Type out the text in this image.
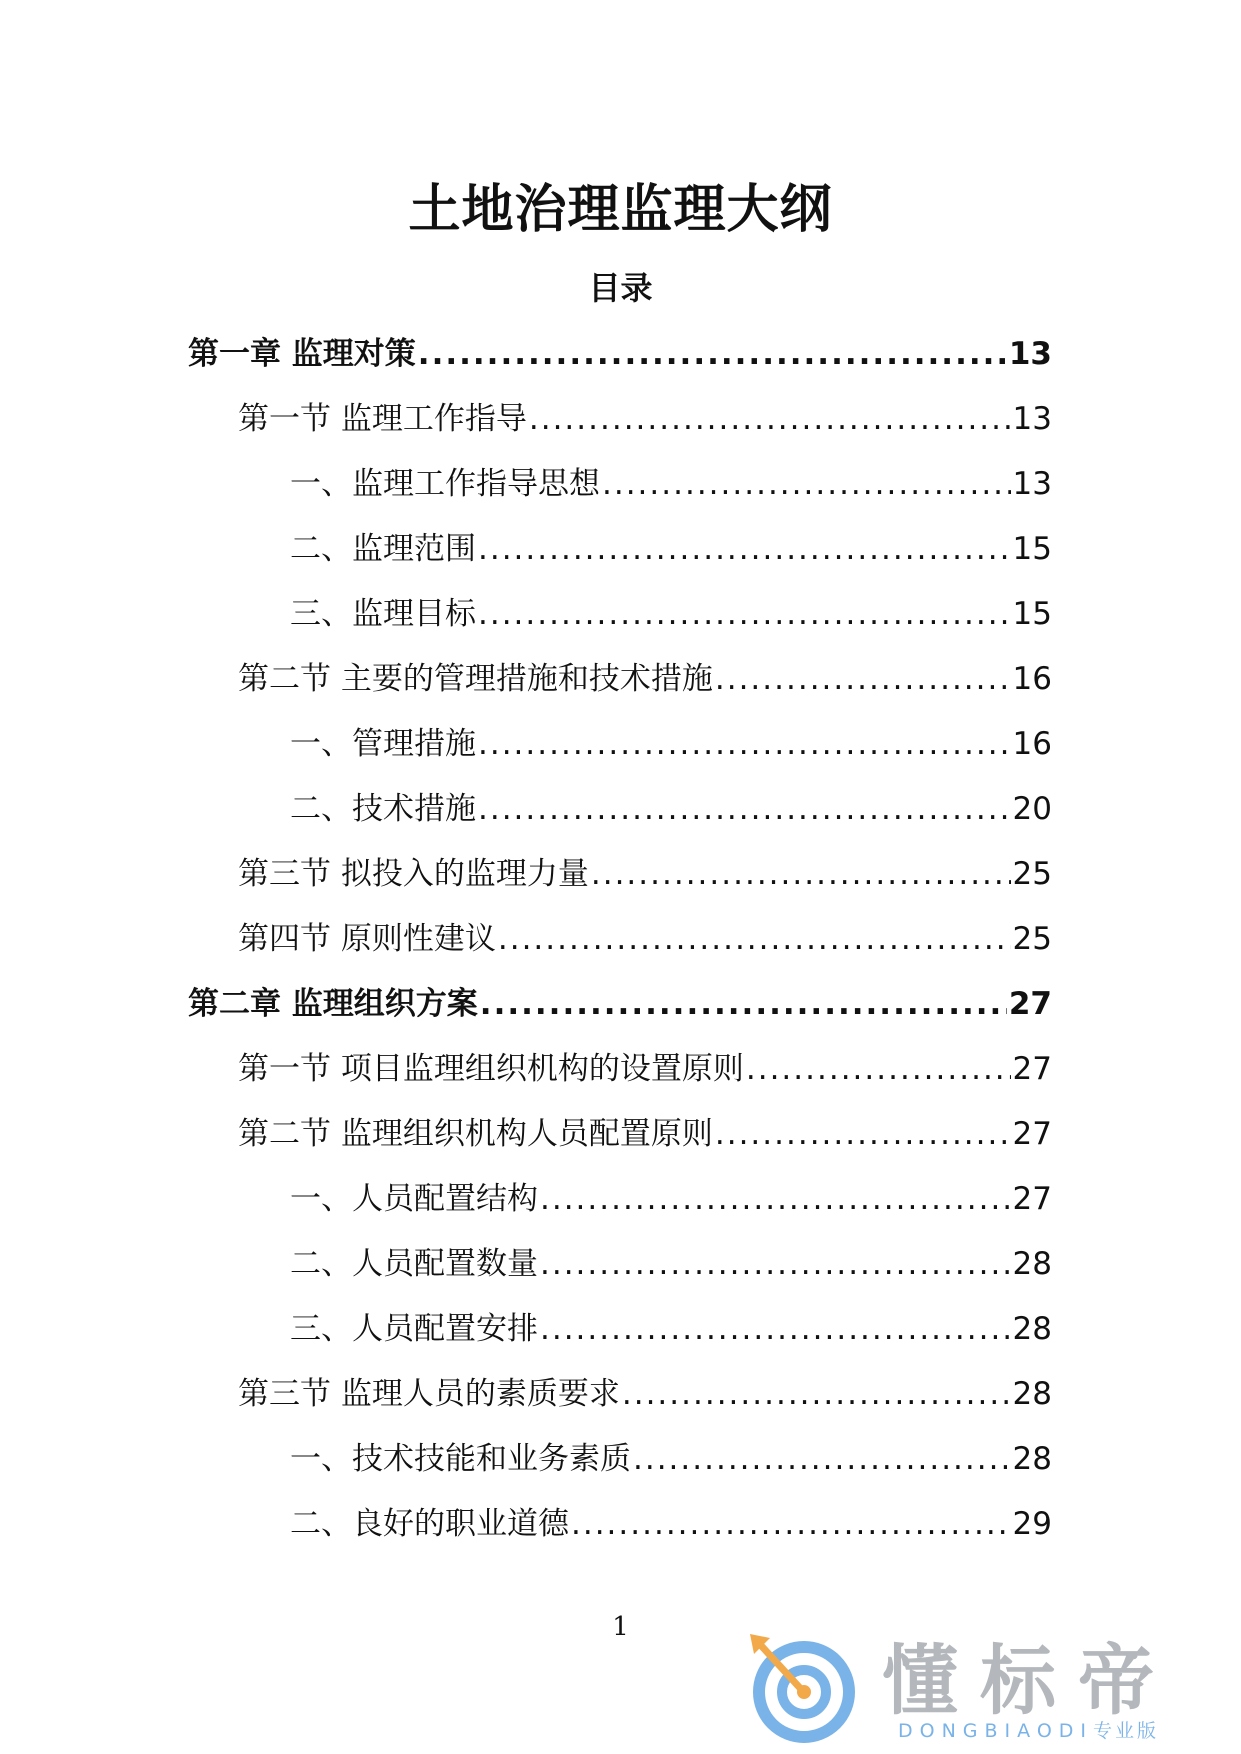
土地治理监理大纲
目录
第一章 监理对策 .....	13
第一节 监理工作指导 .....	13
一、监理工作指导思想 .....	13
二、监理范围 .....	15
三、监理目标 .....	15
第二节 主要的管理措施和技术措施 .....	16
一、管理措施 .....	16
二、技术措施 .....	20
第三节 拟投入的监理力量 .....	25
第四节 原则性建议 .....	25
第二章 监理组织方案 .....	27
第一节 项目监理组织机构的设置原则 .....	27
第二节 监理组织机构人员配置原则 .....	27
一、人员配置结构 .....	27
二、人员配置数量 .....	28
三、人员配置安排 .....	28
第三节 监理人员的素质要求 .....	28
一、技术技能和业务素质 .....	28
二、良好的职业道德 .....	29
1
懂标帝
DONGBIAODI专业版
